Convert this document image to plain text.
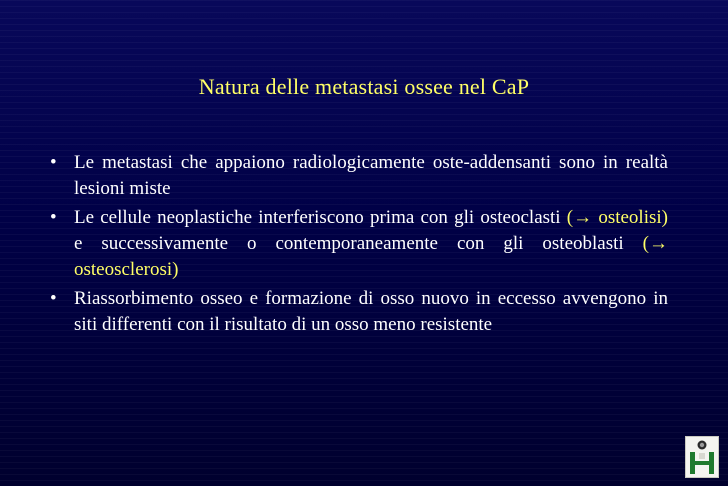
Natura delle metastasi ossee nel CaP
• Le metastasi che appaiono radiologicamente oste-addensanti sono in realtà lesioni miste
• Le cellule neoplastiche interferiscono prima con gli osteoclasti (→ osteolisi) e successivamente o contemporaneamente con gli osteoblasti (→ osteosclerosi)
• Riassorbimento osseo e formazione di osso nuovo in eccesso avvengono in siti differenti con il risultato di un osso meno resistente
